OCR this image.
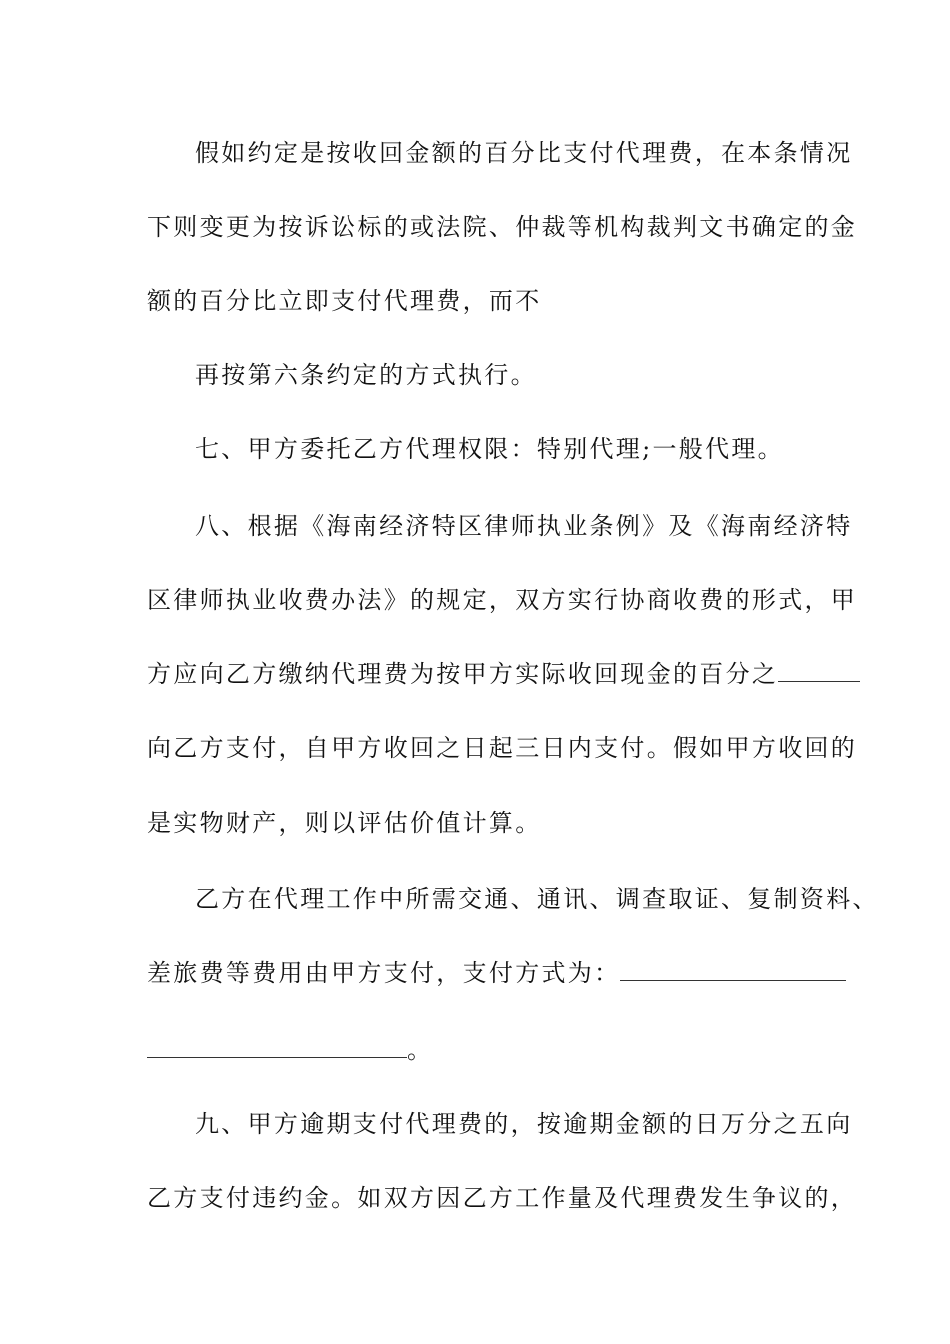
假如约定是按收回金额的百分比支付代理费，在本条情况
下则变更为按诉讼标的或法院、仲裁等机构裁判文书确定的金
额的百分比立即支付代理费，而不
再按第六条约定的方式执行。
七、甲方委托乙方代理权限：特别代理;一般代理。
八、根据《海南经济特区律师执业条例》及《海南经济特
区律师执业收费办法》的规定，双方实行协商收费的形式，甲
方应向乙方缴纳代理费为按甲方实际收回现金的百分之
向乙方支付，自甲方收回之日起三日内支付。假如甲方收回的
是实物财产，则以评估价值计算。
乙方在代理工作中所需交通、通讯、调查取证、复制资料、
差旅费等费用由甲方支付，支付方式为：
。
九、甲方逾期支付代理费的，按逾期金额的日万分之五向
乙方支付违约金。如双方因乙方工作量及代理费发生争议的，
